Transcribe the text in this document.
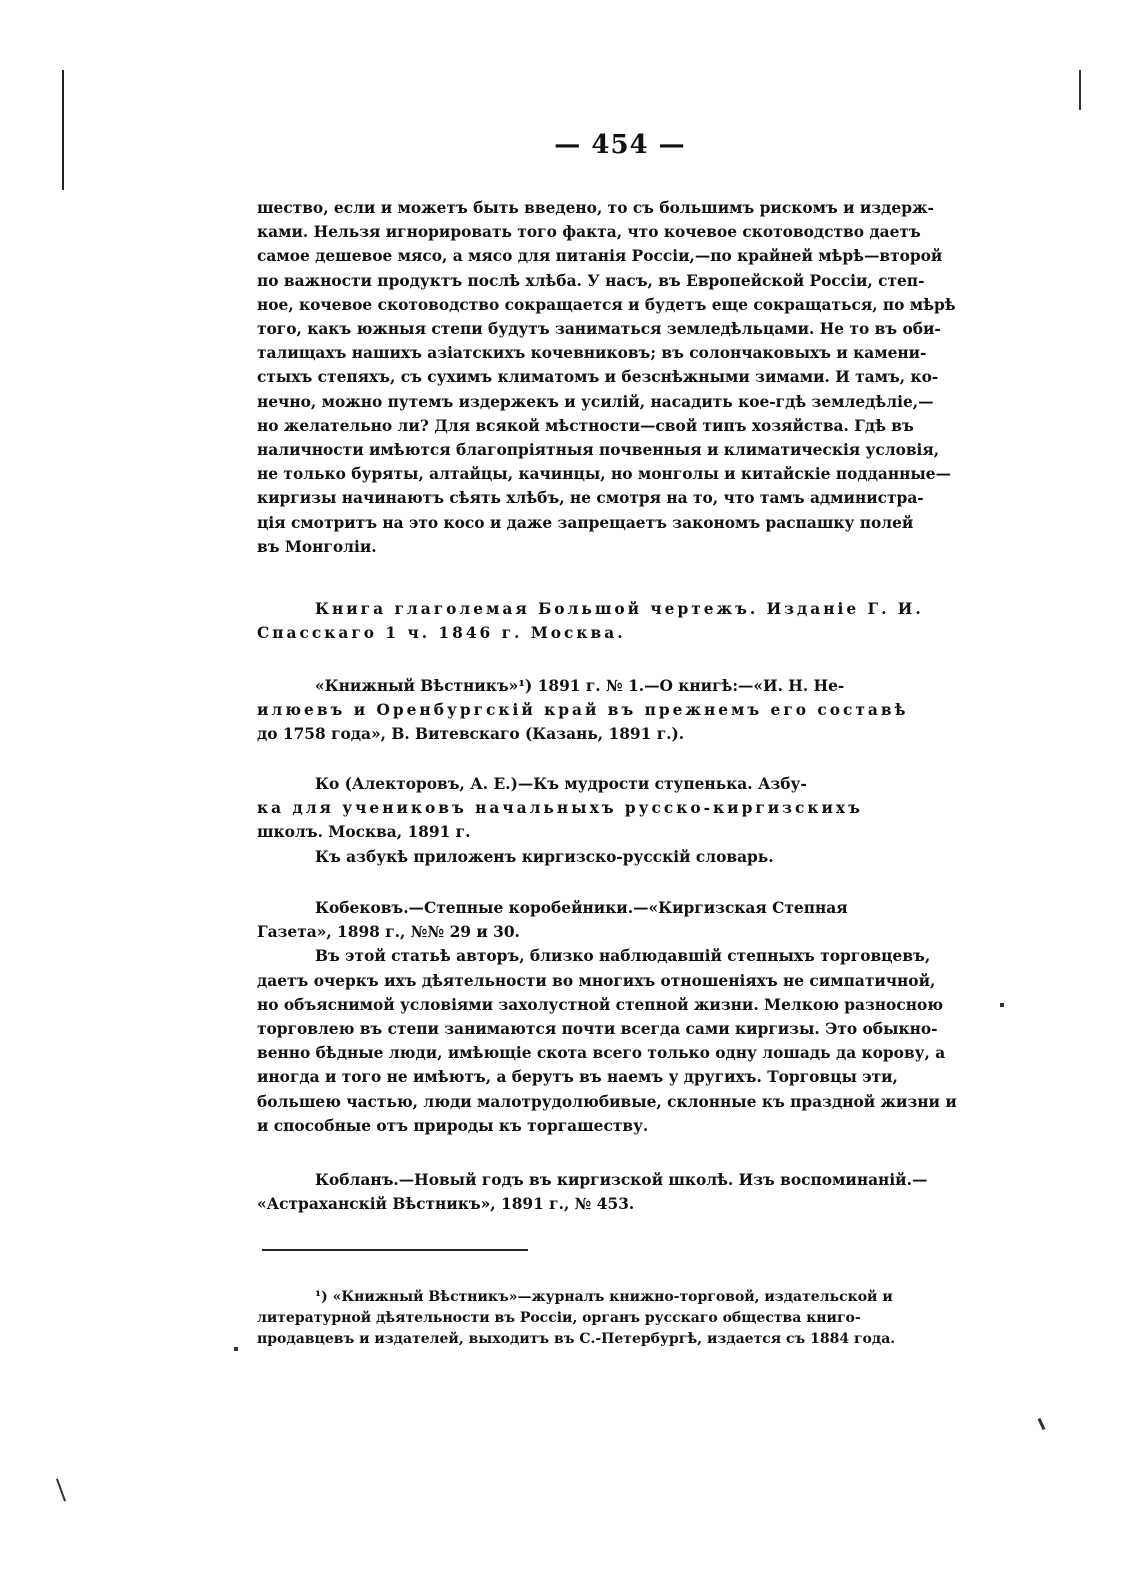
— 454 —
шество, если и можетъ быть введено, то съ большимъ рискомъ и издерж-
ками. Нельзя игнорировать того факта, что кочевое скотоводство даетъ
самое дешевое мясо, а мясо для питанія Россіи,—по крайней мѣрѣ—второй
по важности продуктъ послѣ хлѣба. У насъ, въ Европейской Россіи, степ-
ное, кочевое скотоводство сокращается и будетъ еще сокращаться, по мѣрѣ
того, какъ южныя степи будутъ заниматься земледѣльцами. Не то въ оби-
талищахъ нашихъ азіатскихъ кочевниковъ; въ солончаковыхъ и камени-
стыхъ степяхъ, съ сухимъ климатомъ и безснѣжными зимами. И тамъ, ко-
нечно, можно путемъ издержекъ и усилій, насадить кое-гдѣ земледѣліе,—
но желательно ли? Для всякой мѣстности—свой типъ хозяйства. Гдѣ въ
наличности имѣются благопріятныя почвенныя и климатическія условія,
не только буряты, алтайцы, качинцы, но монголы и китайскіе подданные—
киргизы начинаютъ сѣять хлѣбъ, не смотря на то, что тамъ администра-
ція смотритъ на это косо и даже запрещаетъ закономъ распашку полей
въ Монголіи.
Книга глаголемая Большой чертежъ. Изданіе Г. И.
Спасскаго 1 ч. 1846 г. Москва.
«Книжный Вѣстникъ»¹) 1891 г. № 1.—О книгѣ:—«И. Н. Не-
илюевъ и Оренбургскій край въ прежнемъ его составѣ
до 1758 года», В. Витевскаго (Казань, 1891 г.).
Ко (Алекторовъ, А. Е.)—Къ мудрости ступенька. Азбу-
ка для учениковъ начальныхъ русско-киргизскихъ
школъ. Москва, 1891 г.
Къ азбукѣ приложенъ киргизско-русскій словарь.
Кобековъ.—Степные коробейники.—«Киргизская Степная
Газета», 1898 г., №№ 29 и 30.
Въ этой статьѣ авторъ, близко наблюдавшій степныхъ торговцевъ,
даетъ очеркъ ихъ дѣятельности во многихъ отношеніяхъ не симпатичной,
но объяснимой условіями захолустной степной жизни. Мелкою разносною
торговлею въ степи занимаются почти всегда сами киргизы. Это обыкно-
венно бѣдные люди, имѣющіе скота всего только одну лошадь да корову, а
иногда и того не имѣютъ, а берутъ въ наемъ у другихъ. Торговцы эти,
большею частью, люди малотрудолюбивые, склонные къ праздной жизни и
и способные отъ природы къ торгашеству.
Кобланъ.—Новый годъ въ киргизской школѣ. Изъ воспоминаній.—
«Астраханскій Вѣстникъ», 1891 г., № 453.
¹) «Книжный Вѣстникъ»—журналъ книжно-торговой, издательской и
литературной дѣятельности въ Россіи, органъ русскаго общества книго-
продавцевъ и издателей, выходитъ въ С.-Петербургѣ, издается съ 1884 года.
